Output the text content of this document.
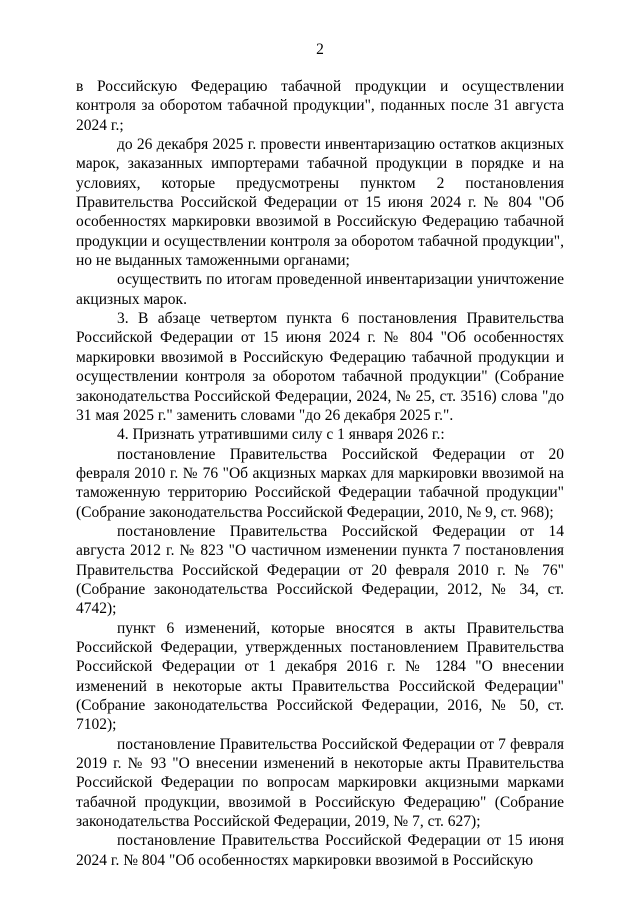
2

в Российскую Федерацию табачной продукции и осуществлении контроля за оборотом табачной продукции", поданных после 31 августа 2024 г.;

до 26 декабря 2025 г. провести инвентаризацию остатков акцизных марок, заказанных импортерами табачной продукции в порядке и на условиях, которые предусмотрены пунктом 2 постановления Правительства Российской Федерации от 15 июня 2024 г. № 804 "Об особенностях маркировки ввозимой в Российскую Федерацию табачной продукции и осуществлении контроля за оборотом табачной продукции", но не выданных таможенными органами;

осуществить по итогам проведенной инвентаризации уничтожение акцизных марок.

3. В абзаце четвертом пункта 6 постановления Правительства Российской Федерации от 15 июня 2024 г. № 804 "Об особенностях маркировки ввозимой в Российскую Федерацию табачной продукции и осуществлении контроля за оборотом табачной продукции" (Собрание законодательства Российской Федерации, 2024, № 25, ст. 3516) слова "до 31 мая 2025 г." заменить словами "до 26 декабря 2025 г.".

4. Признать утратившими силу с 1 января 2026 г.:

постановление Правительства Российской Федерации от 20 февраля 2010 г. № 76 "Об акцизных марках для маркировки ввозимой на таможенную территорию Российской Федерации табачной продукции" (Собрание законодательства Российской Федерации, 2010, № 9, ст. 968);

постановление Правительства Российской Федерации от 14 августа 2012 г. № 823 "О частичном изменении пункта 7 постановления Правительства Российской Федерации от 20 февраля 2010 г. № 76" (Собрание законодательства Российской Федерации, 2012, № 34, ст. 4742);

пункт 6 изменений, которые вносятся в акты Правительства Российской Федерации, утвержденных постановлением Правительства Российской Федерации от 1 декабря 2016 г. № 1284 "О внесении изменений в некоторые акты Правительства Российской Федерации" (Собрание законодательства Российской Федерации, 2016, № 50, ст. 7102);

постановление Правительства Российской Федерации от 7 февраля 2019 г. № 93 "О внесении изменений в некоторые акты Правительства Российской Федерации по вопросам маркировки акцизными марками табачной продукции, ввозимой в Российскую Федерацию" (Собрание законодательства Российской Федерации, 2019, № 7, ст. 627);

постановление Правительства Российской Федерации от 15 июня 2024 г. № 804 "Об особенностях маркировки ввозимой в Российскую
